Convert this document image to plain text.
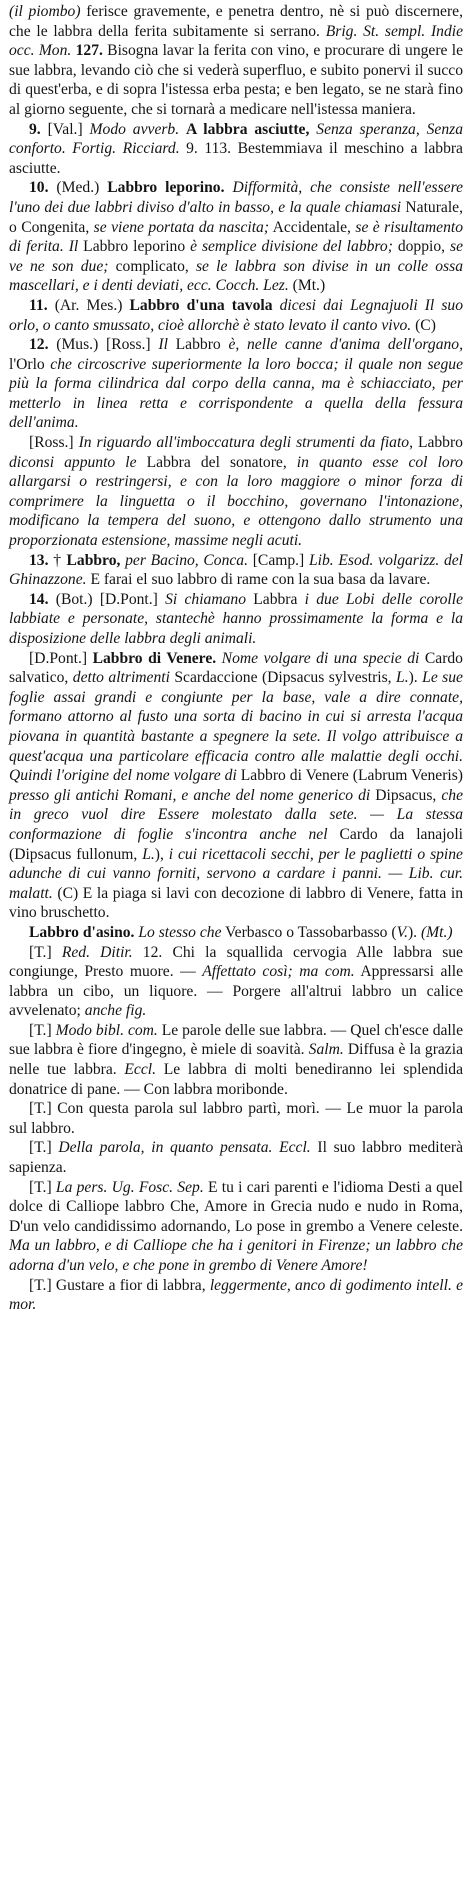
(il piombo) ferisce gravemente, e penetra dentro, nè si può discernere, che le labbra della ferita subitamente si serrano. Brig. St. sempl. Indie occ. Mon. 127. Bisogna lavar la ferita con vino, e procurare di ungere le sue labbra, levando ciò che si vederà superfluo, e subito ponervi il succo di quest'erba, e di sopra l'istessa erba pesta; e ben legato, se ne starà fino al giorno seguente, che si tornarà a medicare nell'istessa maniera.

9. [Val.] Modo avverb. A labbra asciutte, Senza speranza, Senza conforto. Fortig. Ricciard. 9. 113. Bestemmiava il meschino a labbra asciutte.

10. (Med.) Labbro leporino. Difformità, che consiste nell'essere l'uno dei due labbri diviso d'alto in basso, e la quale chiamasi Naturale, o Congenita, se viene portata da nascita; Accidentale, se è risultamento di ferita. Il Labbro leporino è semplice divisione del labbro; doppio, se ve ne son due; complicato, se le labbra son divise in un colle ossa mascellari, e i denti deviati, ecc. Cocch. Lez. (Mt.)

11. (Ar. Mes.) Labbro d'una tavola dicesi dai Legnajuoli Il suo orlo, o canto smussato, cioè allorchè è stato levato il canto vivo. (C)

12. (Mus.) [Ross.] Il Labbro è, nelle canne d'anima dell'organo, l'Orlo che circoscrive superiormente la loro bocca; il quale non segue più la forma cilindrica dal corpo della canna, ma è schiacciato, per metterlo in linea retta e corrispondente a quella della fessura dell'anima.

[Ross.] In riguardo all'imboccatura degli strumenti da fiato, Labbro diconsi appunto le Labbra del sonatore, in quanto esse col loro allargarsi o restringersi, e con la loro maggiore o minor forza di comprimere la linguetta o il bocchino, governano l'intonazione, modificano la tempera del suono, e ottengono dallo strumento una proporzionata estensione, massime negli acuti.

13. † Labbro, per Bacino, Conca. [Camp.] Lib. Esod. volgarizz. del Ghinazzone. E farai el suo labbro di rame con la sua basa da lavare.

14. (Bot.) [D.Pont.] Si chiamano Labbra i due Lobi delle corolle labbiate e personate, stantechè hanno prossimamente la forma e la disposizione delle labbra degli animali.

[D.Pont.] Labbro di Venere. Nome volgare di una specie di Cardo salvatico, detto altrimenti Scardaccione (Dipsacus sylvestris, L.). Le sue foglie assai grandi e congiunte per la base, vale a dire connate, formano attorno al fusto una sorta di bacino in cui si arresta l'acqua piovana in quantità bastante a spegnere la sete. Il volgo attribuisce a quest'acqua una particolare efficacia contro alle malattie degli occhi. Quindi l'origine del nome volgare di Labbro di Venere (Labrum Veneris) presso gli antichi Romani, e anche del nome generico di Dipsacus, che in greco vuol dire Essere molestato dalla sete. — La stessa conformazione di foglie s'incontra anche nel Cardo da lanajoli (Dipsacus fullonum, L.), i cui ricettacoli secchi, per le paglietti o spine adunche di cui vanno forniti, servono a cardare i panni. — Lib. cur. malatt. (C) E la piaga si lavi con decozione di labbro di Venere, fatta in vino bruschetto.

Labbro d'asino. Lo stesso che Verbasco o Tassobarbasso (V.). (Mt.)

[T.] Red. Ditir. 12. Chi la squallida cervogia Alle labbra sue congiunge, Presto muore. — Affettato così; ma com. Appressarsi alle labbra un cibo, un liquore. — Porgere all'altrui labbro un calice avvelenato; anche fig.

[T.] Modo bibl. com. Le parole delle sue labbra. — Quel ch'esce dalle sue labbra è fiore d'ingegno, è miele di soavità. Salm. Diffusa è la grazia nelle tue labbra. Eccl. Le labbra di molti benediranno lei splendida donatrice di pane. — Con labbra moribonde.

[T.] Con questa parola sul labbro partì, morì. — Le muor la parola sul labbro.

[T.] Della parola, in quanto pensata. Eccl. Il suo labbro mediterà sapienza.

[T.] La pers. Ug. Fosc. Sep. E tu i cari parenti e l'idioma Desti a quel dolce di Calliope labbro Che, Amore in Grecia nudo e nudo in Roma, D'un velo candidissimo adornando, Lo pose in grembo a Venere celeste. Ma un labbro, e di Calliope che ha i genitori in Firenze; un labbro che adorna d'un velo, e che pone in grembo di Venere Amore!

[T.] Gustare a fior di labbra, leggermente, anco di godimento intell. e mor.
